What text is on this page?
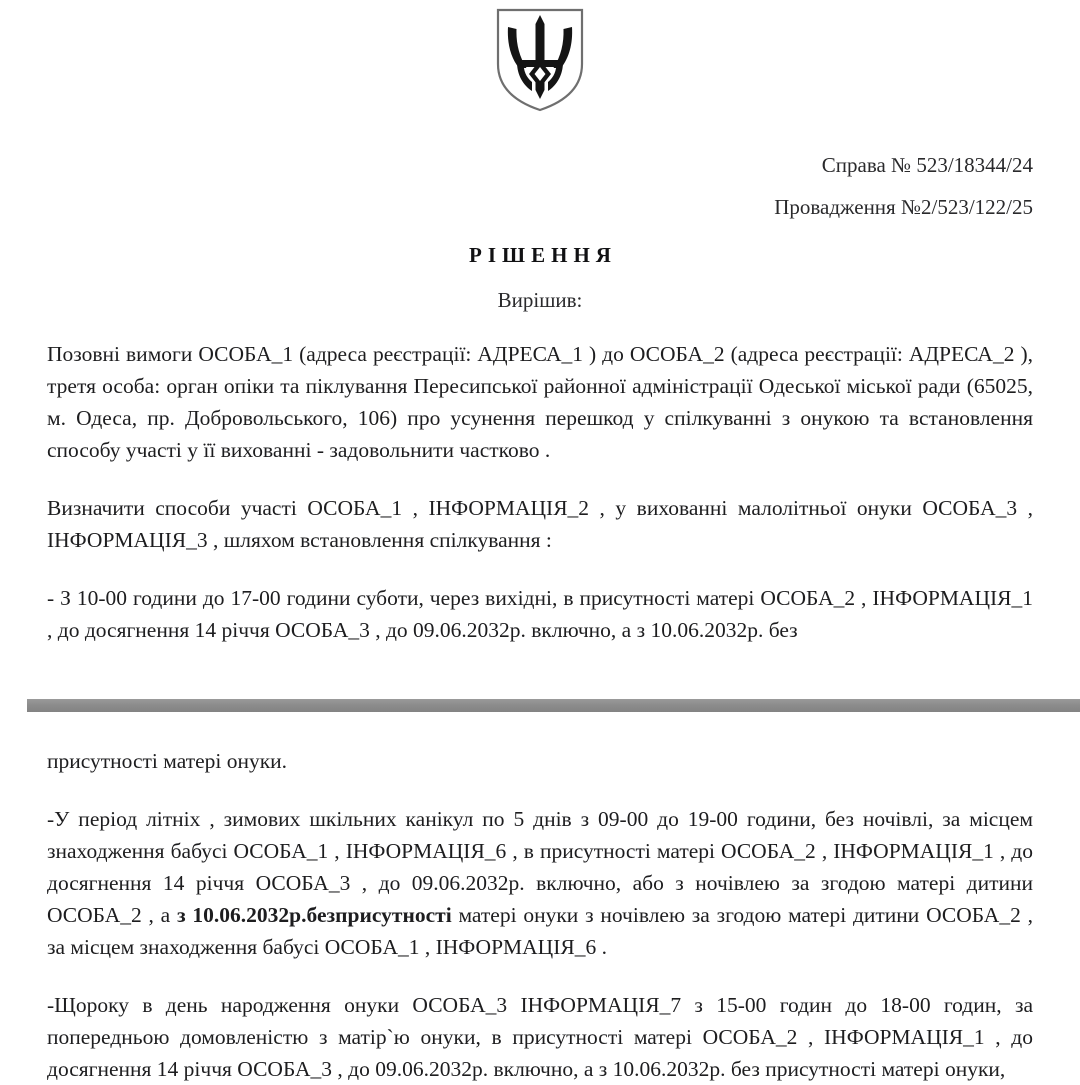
Справа № 523/18344/24
Провадження №2/523/122/25
РІШЕННЯ
Вирішив:

Позовні вимоги ОСОБА_1 (адреса реєстрації: АДРЕСА_1 ) до ОСОБА_2 (адреса реєстрації: АДРЕСА_2 ), третя особа: орган опіки та піклування Пересипської районної адміністрації Одеської міської ради (65025, м. Одеса, пр. Добровольського, 106) про усунення перешкод у спілкуванні з онукою та встановлення способу участі у її вихованні - задовольнити частково .

Визначити способи участі ОСОБА_1 , ІНФОРМАЦІЯ_2 , у вихованні малолітньої онуки ОСОБА_3 , ІНФОРМАЦІЯ_3 , шляхом встановлення спілкування :

- З 10-00 години до 17-00 години суботи, через вихідні, в присутності матері ОСОБА_2 , ІНФОРМАЦІЯ_1 , до досягнення 14 річчя ОСОБА_3 , до 09.06.2032р. включно, а з 10.06.2032р. без

присутності матері онуки.

-У період літніх , зимових шкільних канікул по 5 днів з 09-00 до 19-00 години, без ночівлі, за місцем знаходження бабусі ОСОБА_1 , ІНФОРМАЦІЯ_6 , в присутності матері ОСОБА_2 , ІНФОРМАЦІЯ_1 , до досягнення 14 річчя ОСОБА_3 , до 09.06.2032р. включно, або з ночівлею за згодою матері дитини ОСОБА_2 , а з 10.06.2032р.безприсутності матері онуки з ночівлею за згодою матері дитини ОСОБА_2 , за місцем знаходження бабусі ОСОБА_1 , ІНФОРМАЦІЯ_6 .

-Щороку в день народження онуки ОСОБА_3 ІНФОРМАЦІЯ_7 з 15-00 годин до 18-00 годин, за попередньою домовленістю з матір`ю онуки, в присутності матері ОСОБА_2 , ІНФОРМАЦІЯ_1 , до досягнення 14 річчя ОСОБА_3 , до 09.06.2032р. включно, а з 10.06.2032р. без присутності матері онуки,
